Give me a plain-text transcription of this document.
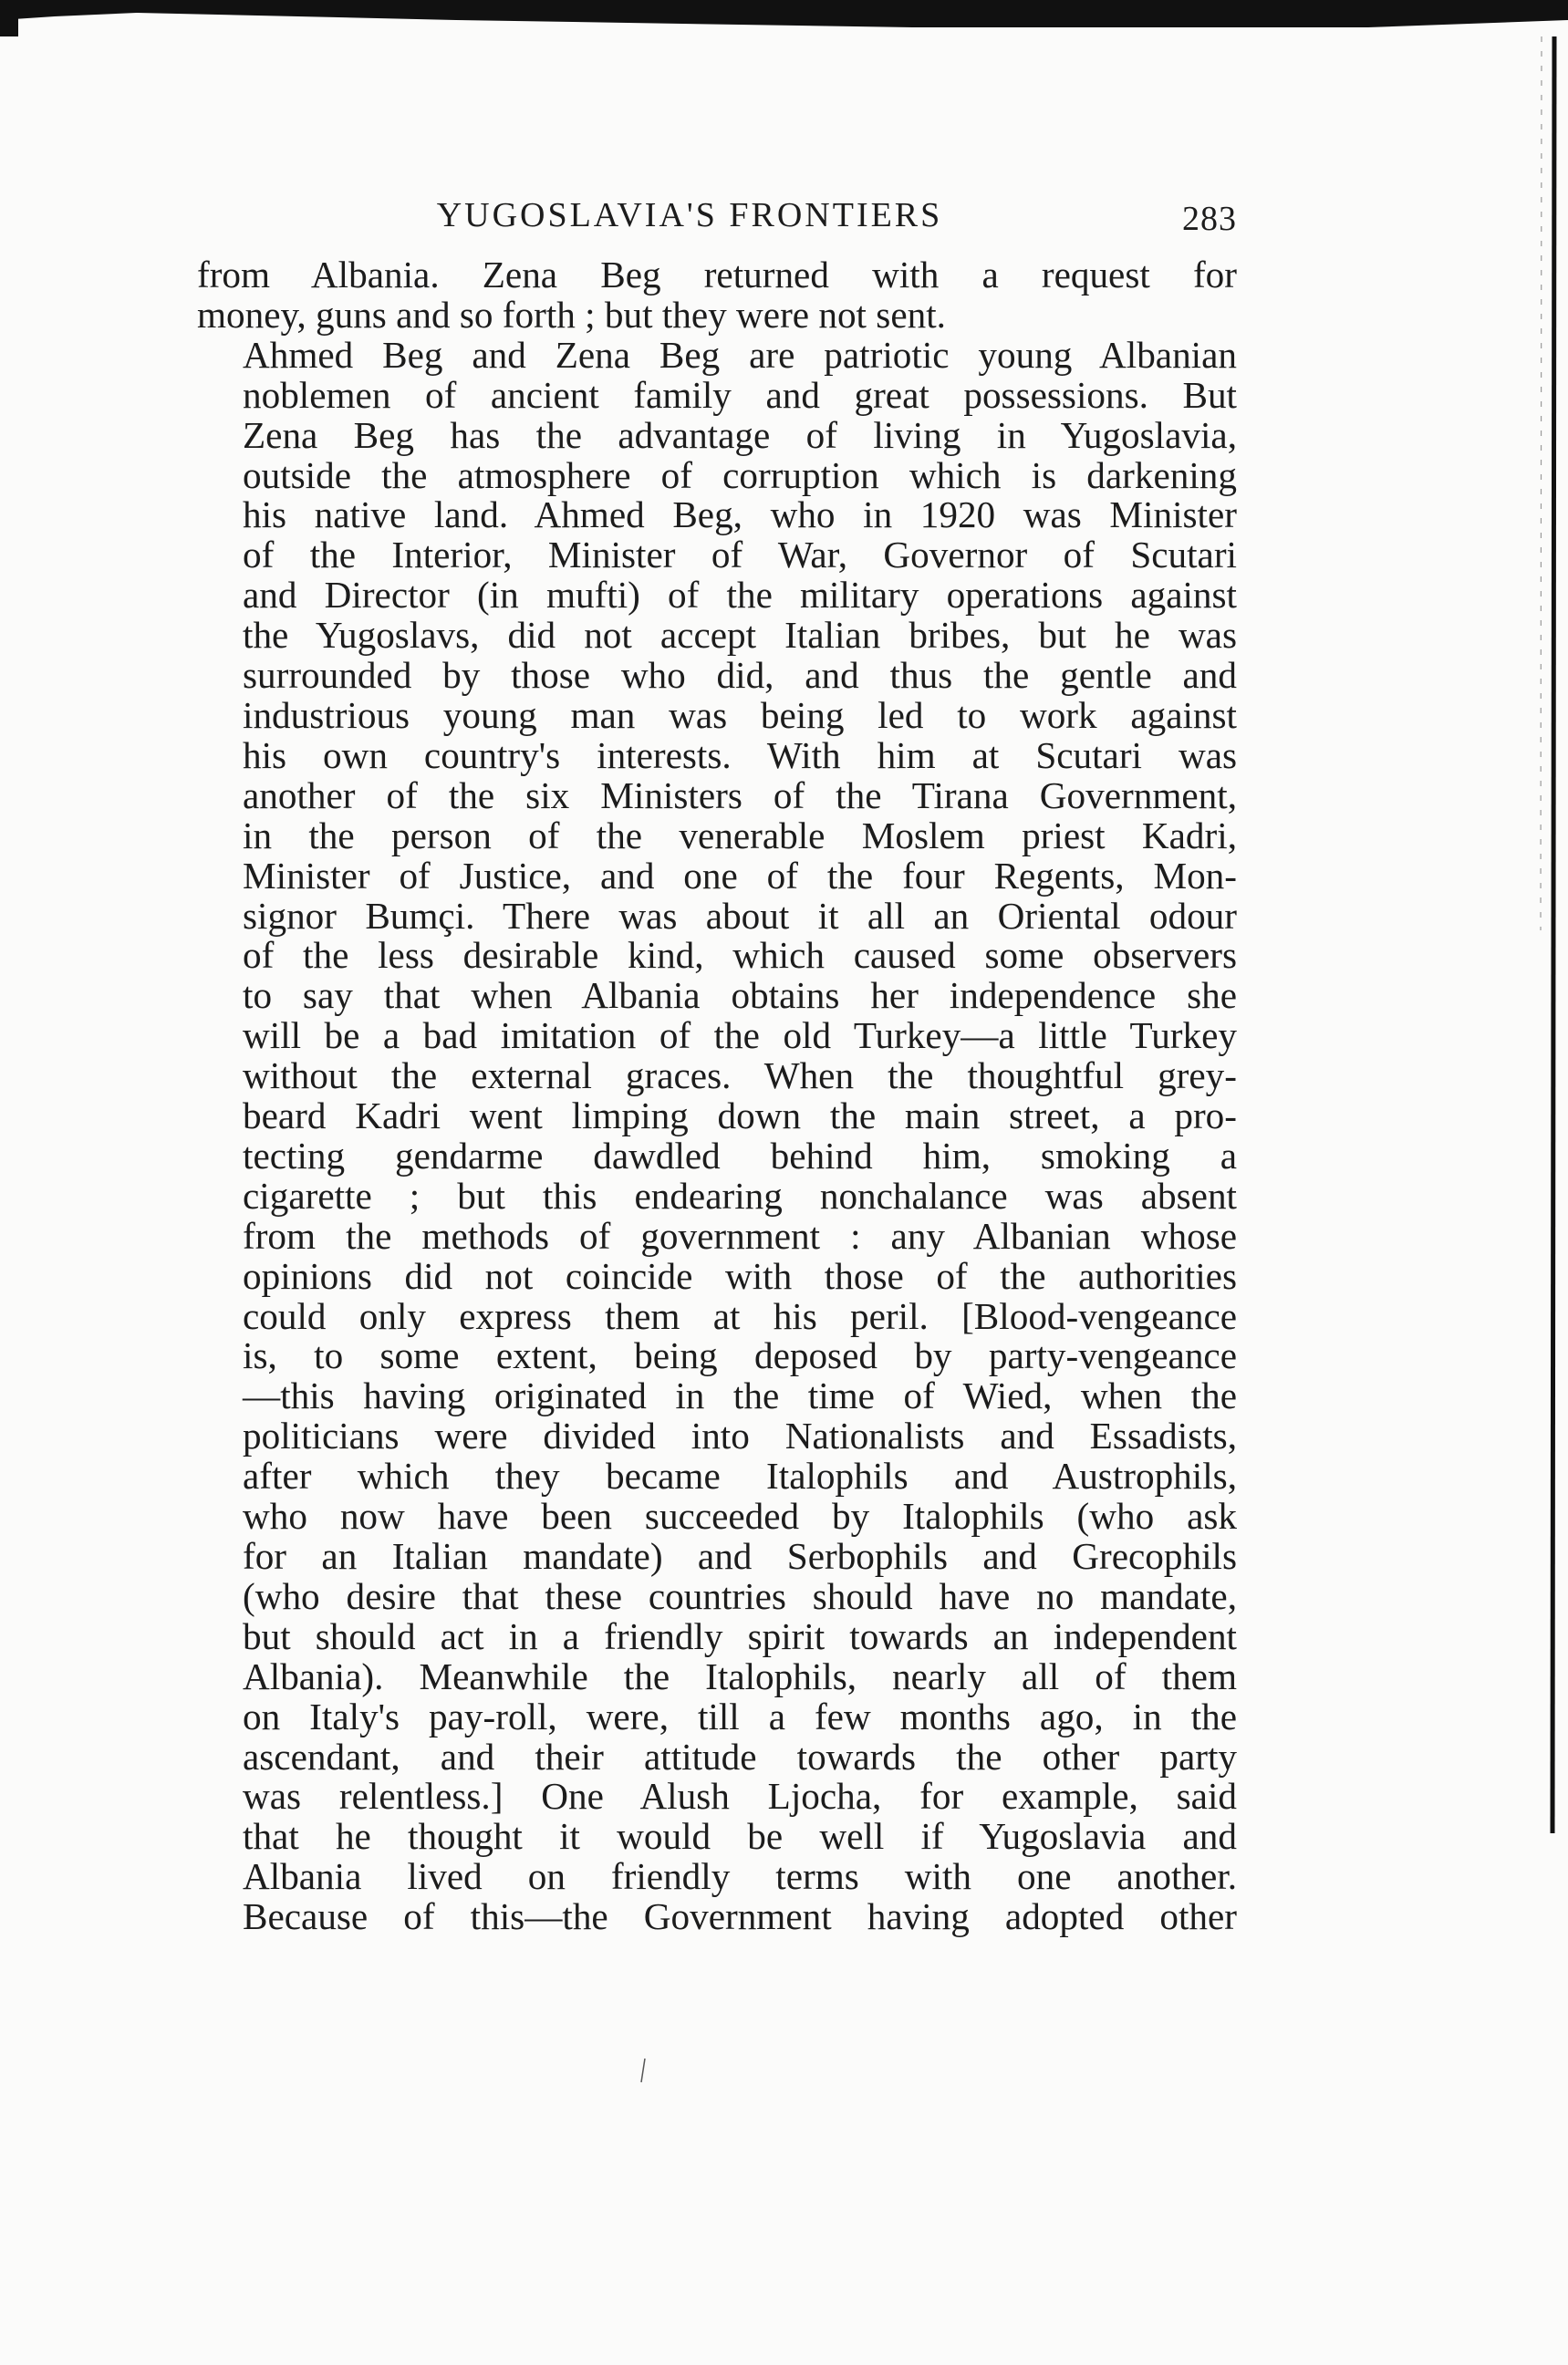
YUGOSLAVIA'S FRONTIERS	283

from Albania. Zena Beg returned with a request for
money, guns and so forth ; but they were not sent.

Ahmed Beg and Zena Beg are patriotic young Albanian
noblemen of ancient family and great possessions. But
Zena Beg has the advantage of living in Yugoslavia,
outside the atmosphere of corruption which is darkening
his native land. Ahmed Beg, who in 1920 was Minister
of the Interior, Minister of War, Governor of Scutari
and Director (in mufti) of the military operations against
the Yugoslavs, did not accept Italian bribes, but he was
surrounded by those who did, and thus the gentle and
industrious young man was being led to work against
his own country's interests. With him at Scutari was
another of the six Ministers of the Tirana Government,
in the person of the venerable Moslem priest Kadri,
Minister of Justice, and one of the four Regents, Mon-
signor Bumçi. There was about it all an Oriental odour
of the less desirable kind, which caused some observers
to say that when Albania obtains her independence she
will be a bad imitation of the old Turkey—a little Turkey
without the external graces. When the thoughtful grey-
beard Kadri went limping down the main street, a pro-
tecting gendarme dawdled behind him, smoking a
cigarette ; but this endearing nonchalance was absent
from the methods of government : any Albanian whose
opinions did not coincide with those of the authorities
could only express them at his peril. [Blood-vengeance
is, to some extent, being deposed by party-vengeance
—this having originated in the time of Wied, when the
politicians were divided into Nationalists and Essadists,
after which they became Italophils and Austrophils,
who now have been succeeded by Italophils (who ask
for an Italian mandate) and Serbophils and Grecophils
(who desire that these countries should have no mandate,
but should act in a friendly spirit towards an independent
Albania). Meanwhile the Italophils, nearly all of them
on Italy's pay-roll, were, till a few months ago, in the
ascendant, and their attitude towards the other party
was relentless.] One Alush Ljocha, for example, said
that he thought it would be well if Yugoslavia and
Albania lived on friendly terms with one another.
Because of this—the Government having adopted other
